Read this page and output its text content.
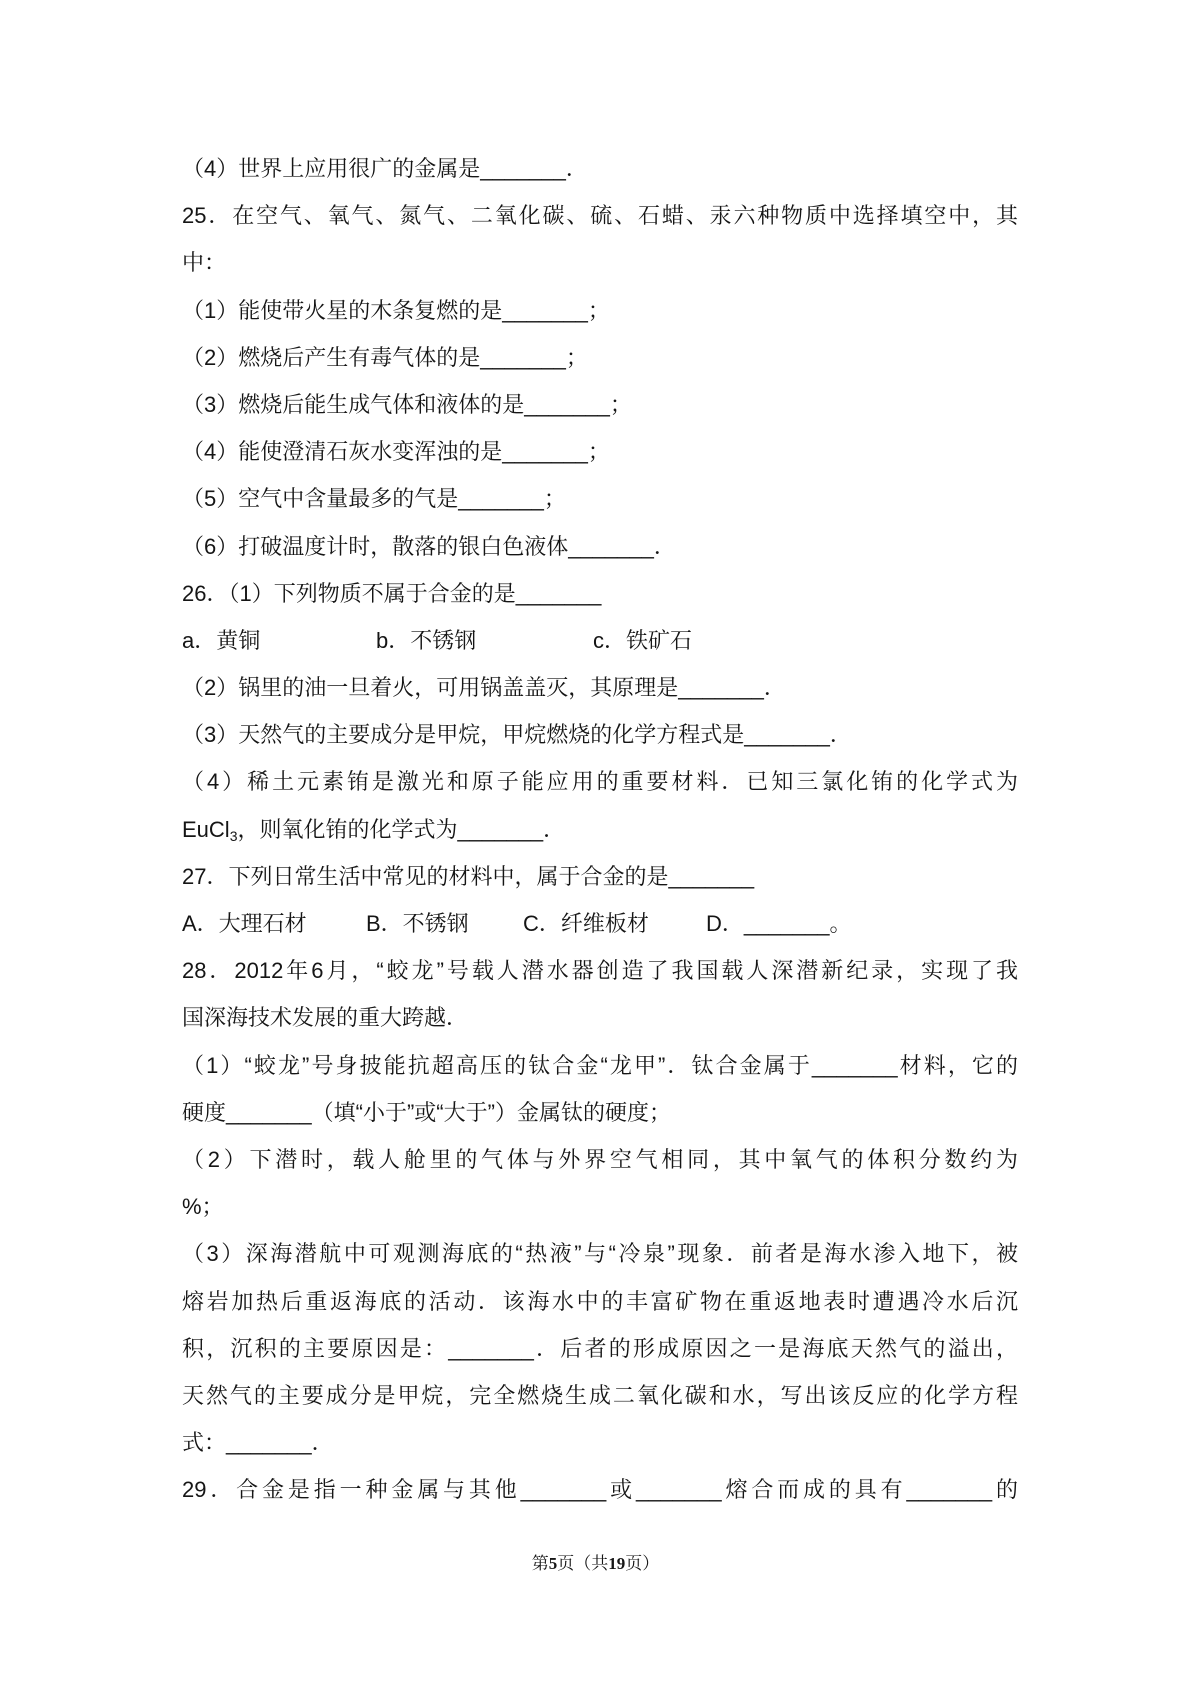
（4）世界上应用很广的金属是_______．
25．在空气、氧气、氮气、二氧化碳、硫、石蜡、汞六种物质中选择填空中，其
中：
（1）能使带火星的木条复燃的是_______；
（2）燃烧后产生有毒气体的是_______；
（3）燃烧后能生成气体和液体的是_______；
（4）能使澄清石灰水变浑浊的是_______；
（5）空气中含量最多的气是_______；
（6）打破温度计时，散落的银白色液体_______．
26．（1）下列物质不属于合金的是_______
a．黄铜	b．不锈钢	c．铁矿石
（2）锅里的油一旦着火，可用锅盖盖灭，其原理是_______．
（3）天然气的主要成分是甲烷，甲烷燃烧的化学方程式是_______．
（4）稀土元素铕是激光和原子能应用的重要材料．已知三氯化铕的化学式为
EuCl$_3$，则氧化铕的化学式为_______．
27．下列日常生活中常见的材料中，属于合金的是_______
A．大理石材	B．不锈钢 C．纤维板材	D．_______。
28．2012年6月，“蛟龙”号载人潜水器创造了我国载人深潜新纪录，实现了我
国深海技术发展的重大跨越．
（1）“蛟龙”号身披能抗超高压的钛合金“龙甲”．钛合金属于_______材料，它的
硬度_______（填“小于”或“大于”）金属钛的硬度；
（2）下潜时，载人舱里的气体与外界空气相同，其中氧气的体积分数约为
%；
（3）深海潜航中可观测海底的“热液”与“冷泉”现象．前者是海水渗入地下，被
熔岩加热后重返海底的活动．该海水中的丰富矿物在重返地表时遭遇冷水后沉
积，沉积的主要原因是：_______．后者的形成原因之一是海底天然气的溢出，
天然气的主要成分是甲烷，完全燃烧生成二氧化碳和水，写出该反应的化学方程
式：_______．
29．合金是指一种金属与其他_______或_______熔合而成的具有_______的
第5页（共19页）
